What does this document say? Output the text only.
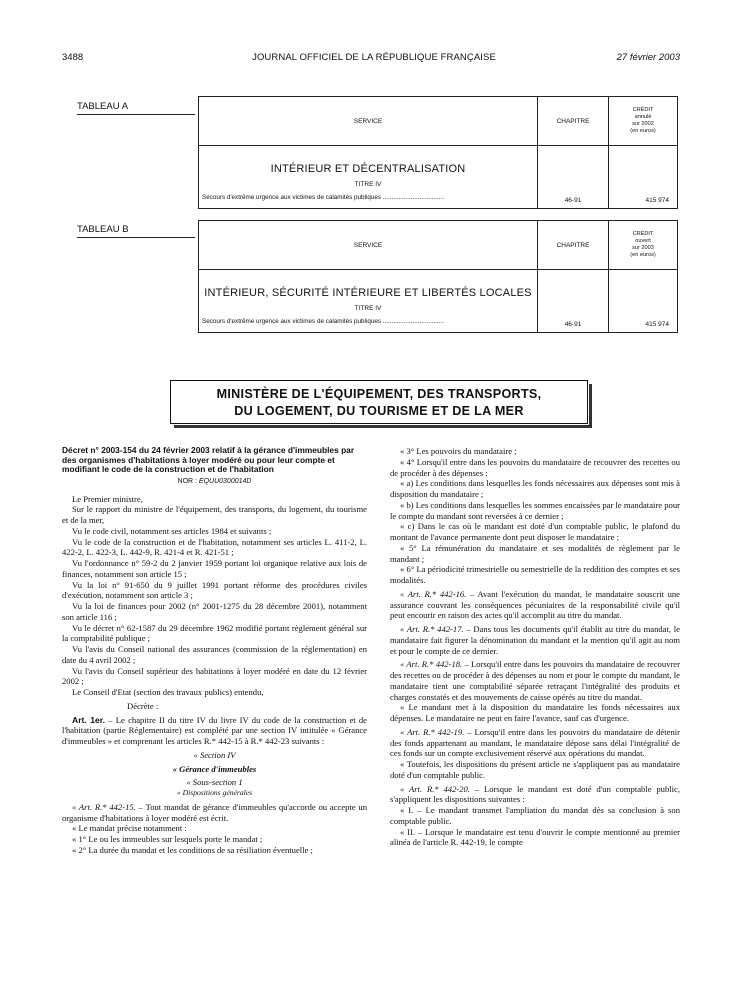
3488	JOURNAL OFFICIEL DE LA RÉPUBLIQUE FRANÇAISE	27 février 2003
TABLEAU A
SERVICE	CHAPITRE	CRÉDIT
annulé
sur 2002
(en euros)

INTÉRIEUR ET DÉCENTRALISATION
TITRE IV
Secours d'extrême urgence aux victimes de calamités publiques ...................................	46-91	415 974
TABLEAU B
SERVICE	CHAPITRE	CRÉDIT
ouvert
sur 2003
(en euros)

INTÉRIEUR, SÉCURITÉ INTÉRIEURE ET LIBERTÉS LOCALES
TITRE IV
Secours d'extrême urgence aux victimes de calamités publiques ...................................	46-91	415 974
MINISTÈRE DE L'ÉQUIPEMENT, DES TRANSPORTS,
DU LOGEMENT, DU TOURISME ET DE LA MER
Décret n° 2003-154 du 24 février 2003 relatif à la gérance d'immeubles par des organismes d'habitations à loyer modéré ou pour leur compte et modifiant le code de la construction et de l'habitation
NOR : EQUU0300014D

Le Premier ministre,

Sur le rapport du ministre de l'équipement, des transports, du logement, du tourisme et de la mer,

Vu le code civil, notamment ses articles 1984 et suivants ;

Vu le code de la construction et de l'habitation, notamment ses articles L. 411-2, L. 422-2, L. 422-3, L. 442-9, R. 421-4 et R. 421-51 ;

Vu l'ordonnance n° 59-2 du 2 janvier 1959 portant loi organique relative aux lois de finances, notamment son article 15 ;

Vu la loi n° 91-650 du 9 juillet 1991 portant réforme des procédures civiles d'exécution, notamment son article 3 ;

Vu la loi de finances pour 2002 (n° 2001-1275 du 28 décembre 2001), notamment son article 116 ;

Vu le décret n° 62-1587 du 29 décembre 1962 modifié portant règlement général sur la comptabilité publique ;

Vu l'avis du Conseil national des assurances (commission de la réglementation) en date du 4 avril 2002 ;

Vu l'avis du Conseil supérieur des habitations à loyer modéré en date du 12 février 2002 ;

Le Conseil d'Etat (section des travaux publics) entendu,

Décrète :

Art. 1er. – Le chapitre II du titre IV du livre IV du code de la construction et de l'habitation (partie Réglementaire) est complété par une section IV intitulée « Gérance d'immeubles » et comprenant les articles R.* 442-15 à R.* 442-23 suivants :

« Section IV

« Gérance d'immeubles

« Sous-section 1

« Dispositions générales

« Art. R.* 442-15. – Tout mandat de gérance d'immeubles qu'accorde ou accepte un organisme d'habitations à loyer modéré est écrit.

« Le mandat précise notamment :

« 1° Le ou les immeubles sur lesquels porte le mandat ;

« 2° La durée du mandat et les conditions de sa résiliation éventuelle ;

« 3° Les pouvoirs du mandataire ;

« 4° Lorsqu'il entre dans les pouvoirs du mandataire de recouvrer des recettes ou de procéder à des dépenses :

« a) Les conditions dans lesquelles les fonds nécessaires aux dépenses sont mis à disposition du mandataire ;

« b) Les conditions dans lesquelles les sommes encaissées par le mandataire pour le compte du mandant sont reversées à ce dernier ;

« c) Dans le cas où le mandant est doté d'un comptable public, le plafond du montant de l'avance permanente dont peut disposer le mandataire ;

« 5° La rémunération du mandataire et ses modalités de règlement par le mandant ;

« 6° La périodicité trimestrielle ou semestrielle de la reddition des comptes et ses modalités.

« Art. R.* 442-16. – Avant l'exécution du mandat, le mandataire souscrit une assurance couvrant les conséquences pécuniaires de la responsabilité civile qu'il peut encourir en raison des actes qu'il accomplit au titre du mandat.

« Art. R.* 442-17. – Dans tous les documents qu'il établit au titre du mandat, le mandataire fait figurer la dénomination du mandant et la mention qu'il agit au nom et pour le compte de ce dernier.

« Art. R.* 442-18. – Lorsqu'il entre dans les pouvoirs du mandataire de recouvrer des recettes ou de procéder à des dépenses au nom et pour le compte du mandant, le mandataire tient une comptabilité séparée retraçant l'intégralité des produits et charges constatés et des mouvements de caisse opérés au titre du mandat.

« Le mandant met à la disposition du mandataire les fonds nécessaires aux dépenses. Le mandataire ne peut en faire l'avance, sauf cas d'urgence.

« Art. R.* 442-19. – Lorsqu'il entre dans les pouvoirs du mandataire de détenir des fonds appartenant au mandant, le mandataire dépose sans délai l'intégralité de ces fonds sur un compte exclusivement réservé aux opérations du mandat.

« Toutefois, les dispositions du présent article ne s'appliquent pas au mandataire doté d'un comptable public.

« Art. R.* 442-20. – Lorsque le mandant est doté d'un comptable public, s'appliquent les dispositions suivantes :

« I. – Le mandant transmet l'ampliation du mandat dès sa conclusion à son comptable public.

« II. – Lorsque le mandataire est tenu d'ouvrir le compte mentionné au premier alinéa de l'article R. 442-19, le compte
